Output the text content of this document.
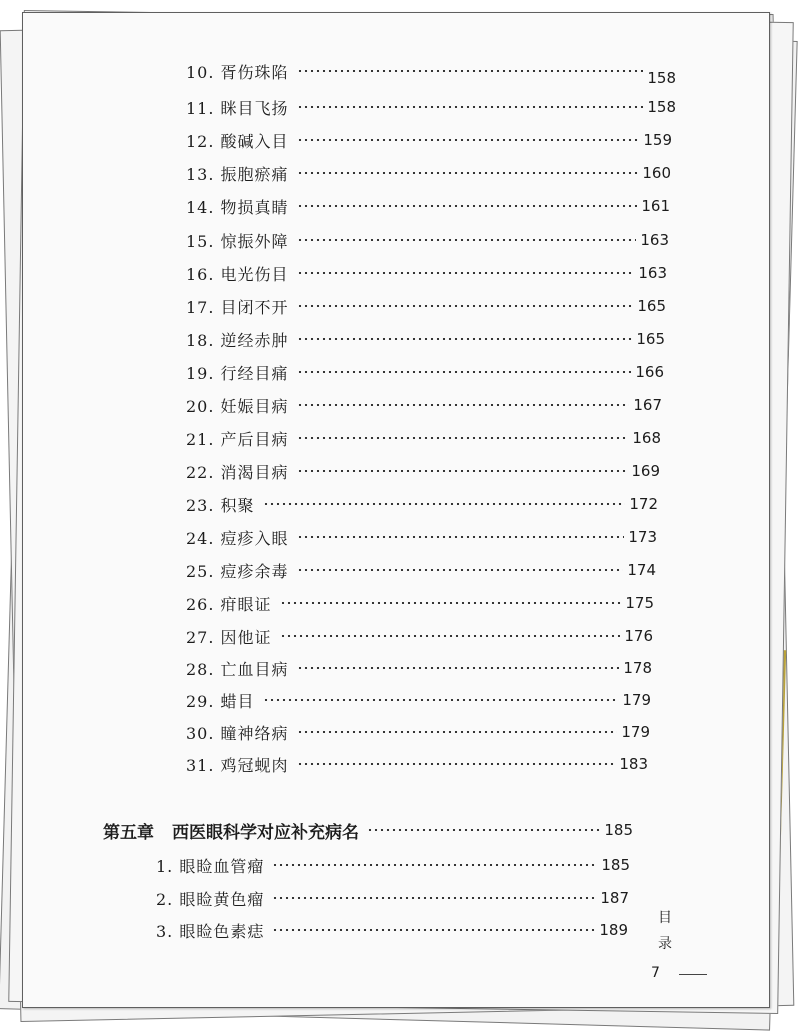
10. 胥伤珠陷	158
11. 眯目飞扬	158
12. 酸碱入目	159
13. 振胞瘀痛	160
14. 物损真睛	161
15. 惊振外障	163
16. 电光伤目	163
17. 目闭不开	165
18. 逆经赤肿	165
19. 行经目痛	166
20. 妊娠目病	167
21. 产后目病	168
22. 消渴目病	169
23. 积聚	172
24. 痘疹入眼	173
25. 痘疹余毒	174
26. 疳眼证	175
27. 因他证	176
28. 亡血目病	178
29. 蜡目	179
30. 瞳神络病	179
31. 鸡冠蚬肉	183
第五章	西医眼科学对应补充病名	185
1. 眼睑血管瘤	185
2. 眼睑黄色瘤	187
3. 眼睑色素痣	189
目
录
7
